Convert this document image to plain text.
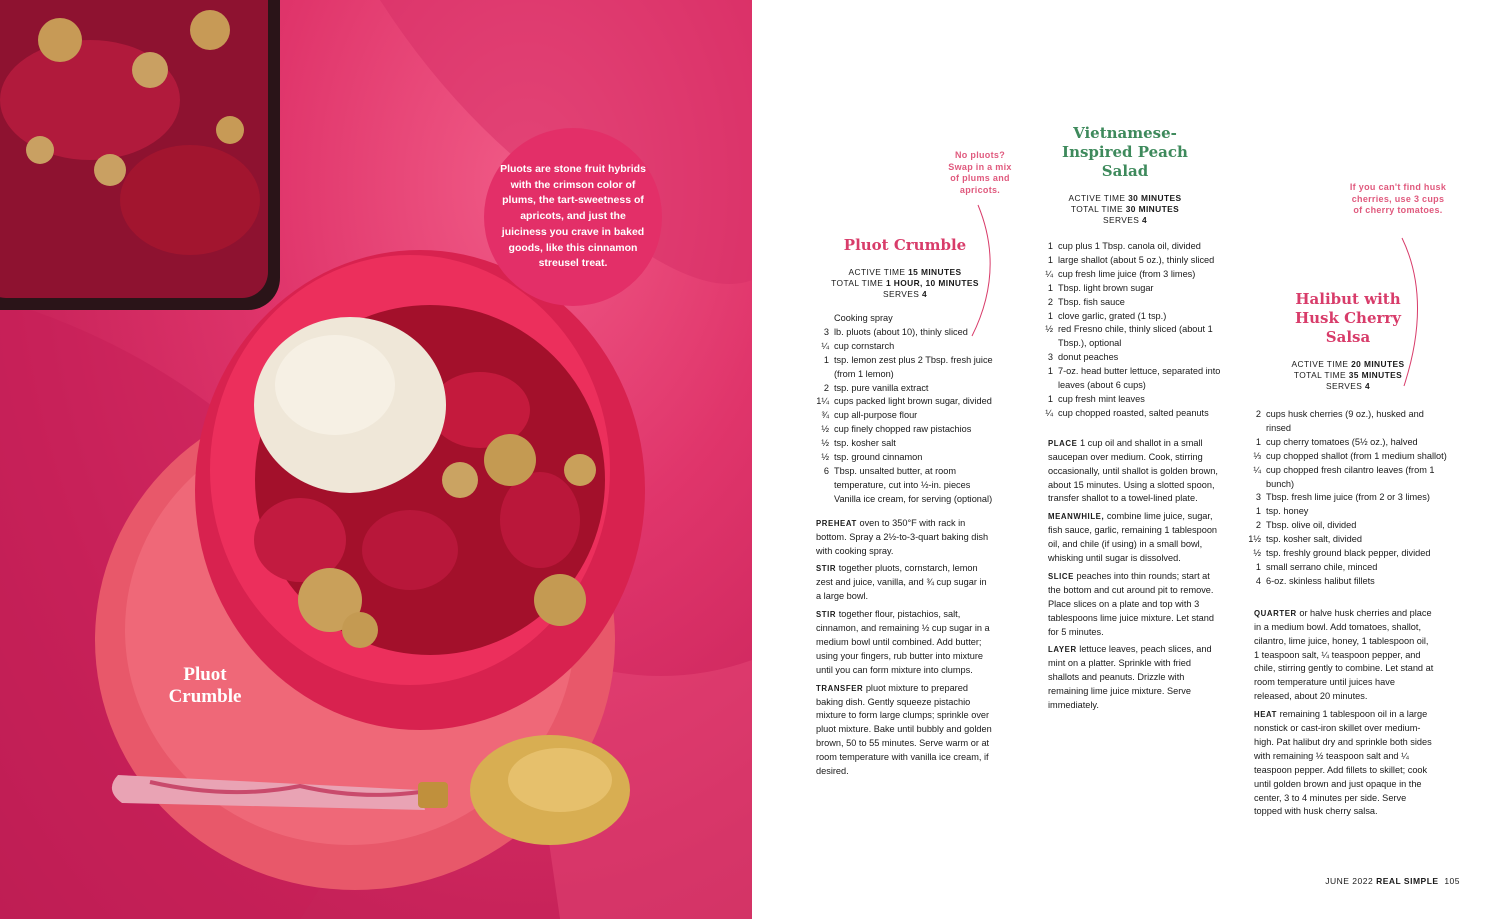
Pluots are stone fruit hybrids with the crimson color of plums, the tart-sweetness of apricots, and just the juiciness you crave in baked goods, like this cinnamon streusel treat.
Pluot Crumble
Pluot Crumble
ACTIVE TIME 15 MINUTES
TOTAL TIME 1 HOUR, 10 MINUTES
SERVES 4
Cooking spray
3 lb. pluots (about 10), thinly sliced
¼ cup cornstarch
1 tsp. lemon zest plus 2 Tbsp. fresh juice (from 1 lemon)
2 tsp. pure vanilla extract
1¼ cups packed light brown sugar, divided
¾ cup all-purpose flour
½ cup finely chopped raw pistachios
½ tsp. kosher salt
½ tsp. ground cinnamon
6 Tbsp. unsalted butter, at room temperature, cut into ½-in. pieces
Vanilla ice cream, for serving (optional)

PREHEAT oven to 350°F with rack in bottom. Spray a 2½-to-3-quart baking dish with cooking spray.

STIR together pluots, cornstarch, lemon zest and juice, vanilla, and ¾ cup sugar in a large bowl.

STIR together flour, pistachios, salt, cinnamon, and remaining ½ cup sugar in a medium bowl until combined. Add butter; using your fingers, rub butter into mixture until you can form mixture into clumps.

TRANSFER pluot mixture to prepared baking dish. Gently squeeze pistachio mixture to form large clumps; sprinkle over pluot mixture. Bake until bubbly and golden brown, 50 to 55 minutes. Serve warm or at room temperature with vanilla ice cream, if desired.

Vietnamese-Inspired Peach Salad
ACTIVE TIME 30 MINUTES
TOTAL TIME 30 MINUTES
SERVES 4
1 cup plus 1 Tbsp. canola oil, divided
1 large shallot (about 5 oz.), thinly sliced
¼ cup fresh lime juice (from 3 limes)
1 Tbsp. light brown sugar
2 Tbsp. fish sauce
1 clove garlic, grated (1 tsp.)
½ red Fresno chile, thinly sliced (about 1 Tbsp.), optional
3 donut peaches
1 7-oz. head butter lettuce, separated into leaves (about 6 cups)
1 cup fresh mint leaves
¼ cup chopped roasted, salted peanuts

PLACE 1 cup oil and shallot in a small saucepan over medium. Cook, stirring occasionally, until shallot is golden brown, about 15 minutes. Using a slotted spoon, transfer shallot to a towel-lined plate.

MEANWHILE, combine lime juice, sugar, fish sauce, garlic, remaining 1 tablespoon oil, and chile (if using) in a small bowl, whisking until sugar is dissolved.

SLICE peaches into thin rounds; start at the bottom and cut around pit to remove. Place slices on a plate and top with 3 tablespoons lime juice mixture. Let stand for 5 minutes.

LAYER lettuce leaves, peach slices, and mint on a platter. Sprinkle with fried shallots and peanuts. Drizzle with remaining lime juice mixture. Serve immediately.

Halibut with Husk Cherry Salsa
ACTIVE TIME 20 MINUTES
TOTAL TIME 35 MINUTES
SERVES 4
2 cups husk cherries (9 oz.), husked and rinsed
1 cup cherry tomatoes (5½ oz.), halved
⅓ cup chopped shallot (from 1 medium shallot)
¼ cup chopped fresh cilantro leaves (from 1 bunch)
3 Tbsp. fresh lime juice (from 2 or 3 limes)
1 tsp. honey
2 Tbsp. olive oil, divided
1½ tsp. kosher salt, divided
½ tsp. freshly ground black pepper, divided
1 small serrano chile, minced
4 6-oz. skinless halibut fillets

QUARTER or halve husk cherries and place in a medium bowl. Add tomatoes, shallot, cilantro, lime juice, honey, 1 tablespoon oil, 1 teaspoon salt, ¼ teaspoon pepper, and chile, stirring gently to combine. Let stand at room temperature until juices have released, about 20 minutes.

HEAT remaining 1 tablespoon oil in a large nonstick or cast-iron skillet over medium-high. Pat halibut dry and sprinkle both sides with remaining ½ teaspoon salt and ¼ teaspoon pepper. Add fillets to skillet; cook until golden brown and just opaque in the center, 3 to 4 minutes per side. Serve topped with husk cherry salsa.

No pluots? Swap in a mix of plums and apricots.	If you can't find husk cherries, use 3 cups of cherry tomatoes.
JUNE 2022 REAL SIMPLE 105
